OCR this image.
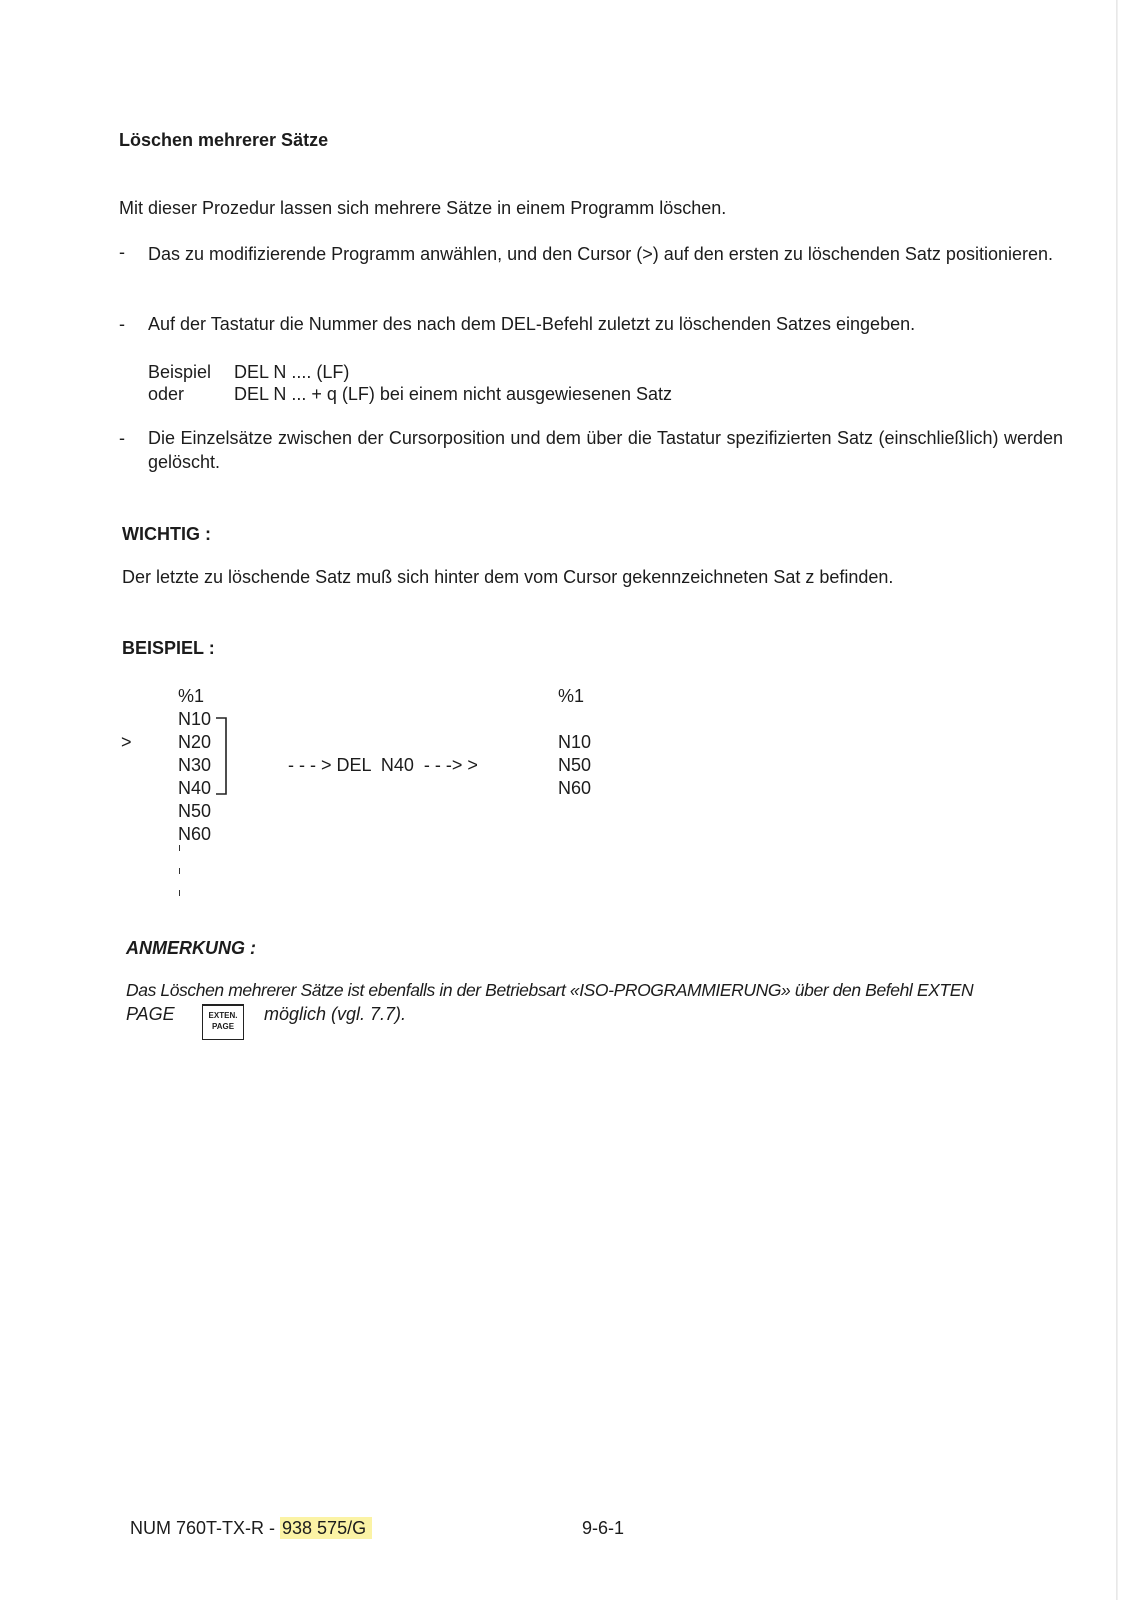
Löschen mehrerer Sätze
Mit dieser Prozedur lassen sich mehrere Sätze in einem Programm löschen.
- Das zu modifizierende Programm anwählen, und den Cursor (>) auf den ersten zu löschenden Satz positionieren.
- Auf der Tastatur die Nummer des nach dem DEL-Befehl zuletzt zu löschenden Satzes eingeben.
Beispiel DEL N .... (LF)
oder	DEL N ... + q (LF) bei einem nicht ausgewiesenen Satz
- Die Einzelsätze zwischen der Cursorposition und dem über die Tastatur spezifizierten Satz (einschließlich) werden gelöscht.
WICHTIG :
Der letzte zu löschende Satz muß sich hinter dem vom Cursor gekennzeichneten Sat z befinden.
BEISPIEL :
>
%1
N10
N20
N30
N40
N50
N60
- - - > DEL  N40  - - -> >
%1
N10
N50
N60
ANMERKUNG :
Das Löschen mehrerer Sätze ist ebenfalls in der Betriebsart «ISO-PROGRAMMIERUNG» über den Befehl EXTEN
PAGE	EXTEN.
PAGE
möglich (vgl. 7.7).
NUM 760T-TX-R - 938 575/G	9-6-1
